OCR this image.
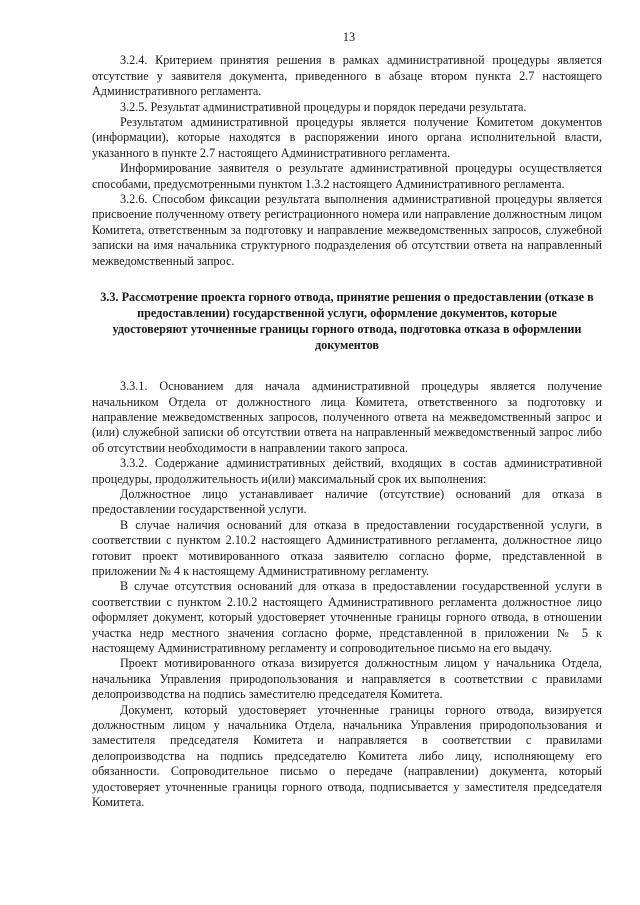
13

3.2.4. Критерием принятия решения в рамках административной процедуры является отсутствие у заявителя документа, приведенного в абзаце втором пункта 2.7 настоящего Административного регламента.

3.2.5. Результат административной процедуры и порядок передачи результата.

Результатом административной процедуры является получение Комитетом документов (информации), которые находятся в распоряжении иного органа исполнительной власти, указанного в пункте 2.7 настоящего Административного регламента.

Информирование заявителя о результате административной процедуры осуществляется способами, предусмотренными пунктом 1.3.2 настоящего Административного регламента.

3.2.6. Способом фиксации результата выполнения административной процедуры является присвоение полученному ответу регистрационного номера или направление должностным лицом Комитета, ответственным за подготовку и направление межведомственных запросов, служебной записки на имя начальника структурного подразделения об отсутствии ответа на направленный межведомственный запрос.

3.3. Рассмотрение проекта горного отвода, принятие решения о предоставлении (отказе в предоставлении) государственной услуги, оформление документов, которые удостоверяют уточненные границы горного отвода, подготовка отказа в оформлении документов

3.3.1. Основанием для начала административной процедуры является получение начальником Отдела от должностного лица Комитета, ответственного за подготовку и направление межведомственных запросов, полученного ответа на межведомственный запрос и (или) служебной записки об отсутствии ответа на направленный межведомственный запрос либо об отсутствии необходимости в направлении такого запроса.

3.3.2. Содержание административных действий, входящих в состав административной процедуры, продолжительность и(или) максимальный срок их выполнения:

Должностное лицо устанавливает наличие (отсутствие) оснований для отказа в предоставлении государственной услуги.

В случае наличия оснований для отказа в предоставлении государственной услуги, в соответствии с пунктом 2.10.2 настоящего Административного регламента, должностное лицо готовит проект мотивированного отказа заявителю согласно форме, представленной в приложении № 4 к настоящему Административному регламенту.

В случае отсутствия оснований для отказа в предоставлении государственной услуги в соответствии с пунктом 2.10.2 настоящего Административного регламента должностное лицо оформляет документ, который удостоверяет уточненные границы горного отвода, в отношении участка недр местного значения согласно форме, представленной в приложении № 5 к настоящему Административному регламенту и сопроводительное письмо на его выдачу.

Проект мотивированного отказа визируется должностным лицом у начальника Отдела, начальника Управления природопользования и направляется в соответствии с правилами делопроизводства на подпись заместителю председателя Комитета.

Документ, который удостоверяет уточненные границы горного отвода, визируется должностным лицом у начальника Отдела, начальника Управления природопользования и заместителя председателя Комитета и направляется в соответствии с правилами делопроизводства на подпись председателю Комитета либо лицу, исполняющему его обязанности. Сопроводительное письмо о передаче (направлении) документа, который удостоверяет уточненные границы горного отвода, подписывается у заместителя председателя Комитета.
